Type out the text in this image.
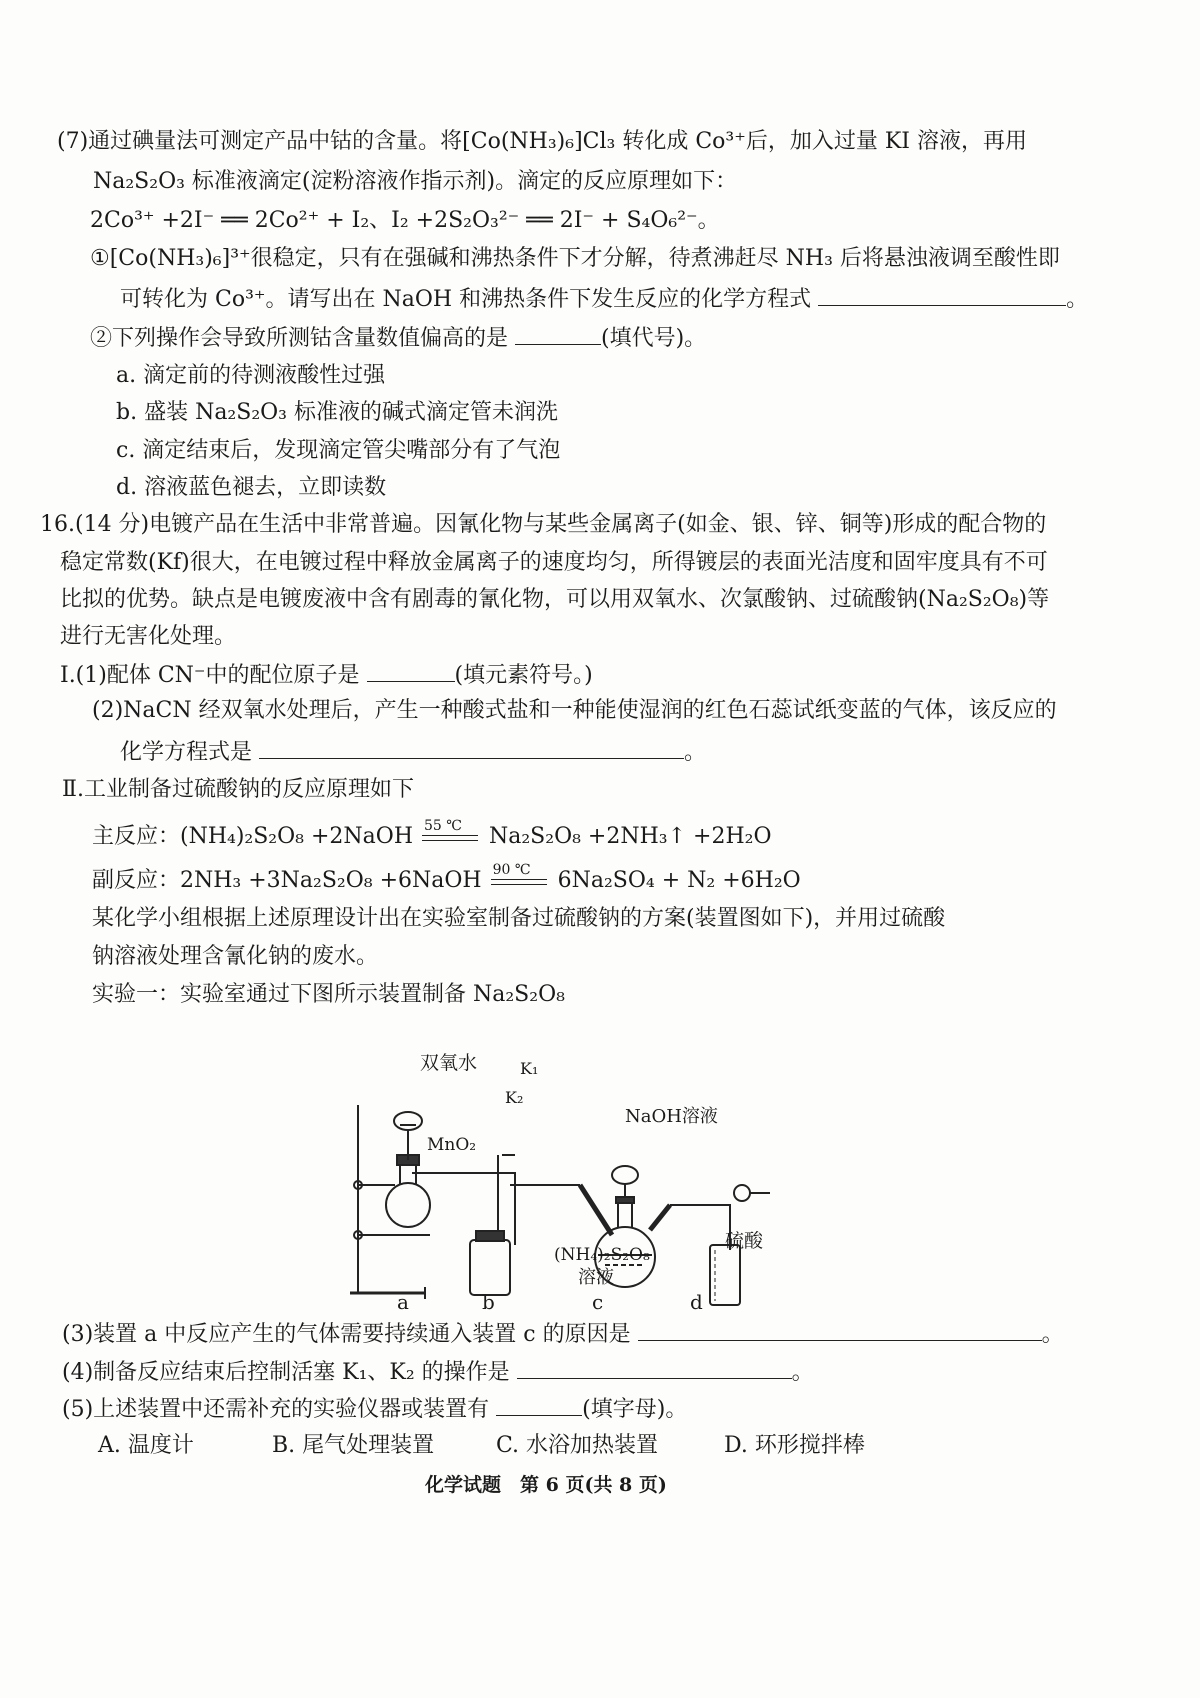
(7)通过碘量法可测定产品中钴的含量。将[Co(NH₃)₆]Cl₃ 转化成 Co³⁺后，加入过量 KI 溶液，再用
Na₂S₂O₃ 标准液滴定(淀粉溶液作指示剂)。滴定的反应原理如下：
2Co³⁺ +2I⁻ ══ 2Co²⁺ + I₂、I₂ +2S₂O₃²⁻ ══ 2I⁻ + S₄O₆²⁻。
①[Co(NH₃)₆]³⁺很稳定，只有在强碱和沸热条件下才分解，待煮沸赶尽 NH₃ 后将悬浊液调至酸性即
可转化为 Co³⁺。请写出在 NaOH 和沸热条件下发生反应的化学方程式	。
②下列操作会导致所测钴含量数值偏高的是	(填代号)。
a. 滴定前的待测液酸性过强
b. 盛装 Na₂S₂O₃ 标准液的碱式滴定管未润洗
c. 滴定结束后，发现滴定管尖嘴部分有了气泡
d. 溶液蓝色褪去，立即读数
16.(14 分)电镀产品在生活中非常普遍。因氰化物与某些金属离子(如金、银、锌、铜等)形成的配合物的
稳定常数(Kf)很大，在电镀过程中释放金属离子的速度均匀，所得镀层的表面光洁度和固牢度具有不可
比拟的优势。缺点是电镀废液中含有剧毒的氰化物，可以用双氧水、次氯酸钠、过硫酸钠(Na₂S₂O₈)等
进行无害化处理。
Ⅰ.(1)配体 CN⁻中的配位原子是	(填元素符号。)
(2)NaCN 经双氧水处理后，产生一种酸式盐和一种能使湿润的红色石蕊试纸变蓝的气体，该反应的
化学方程式是	。
Ⅱ.工业制备过硫酸钠的反应原理如下
主反应：(NH₄)₂S₂O₈ +2NaOH 55 ℃ Na₂S₂O₈ +2NH₃↑ +2H₂O
副反应：2NH₃ +3Na₂S₂O₈ +6NaOH 90 ℃ 6Na₂SO₄ + N₂ +6H₂O
某化学小组根据上述原理设计出在实验室制备过硫酸钠的方案(装置图如下)，并用过硫酸
钠溶液处理含氰化钠的废水。
实验一：实验室通过下图所示装置制备 Na₂S₂O₈
双氧水	K₁
K₂
MnO₂
NaOH溶液
(NH₄)₂S₂O₈
溶液
硫酸
a	b	c	d
(3)装置 a 中反应产生的气体需要持续通入装置 c 的原因是	。
(4)制备反应结束后控制活塞 K₁、K₂ 的操作是	。
(5)上述装置中还需补充的实验仪器或装置有	(填字母)。
A. 温度计	B. 尾气处理装置	C. 水浴加热装置	D. 环形搅拌棒
化学试题　第 6 页(共 8 页)
